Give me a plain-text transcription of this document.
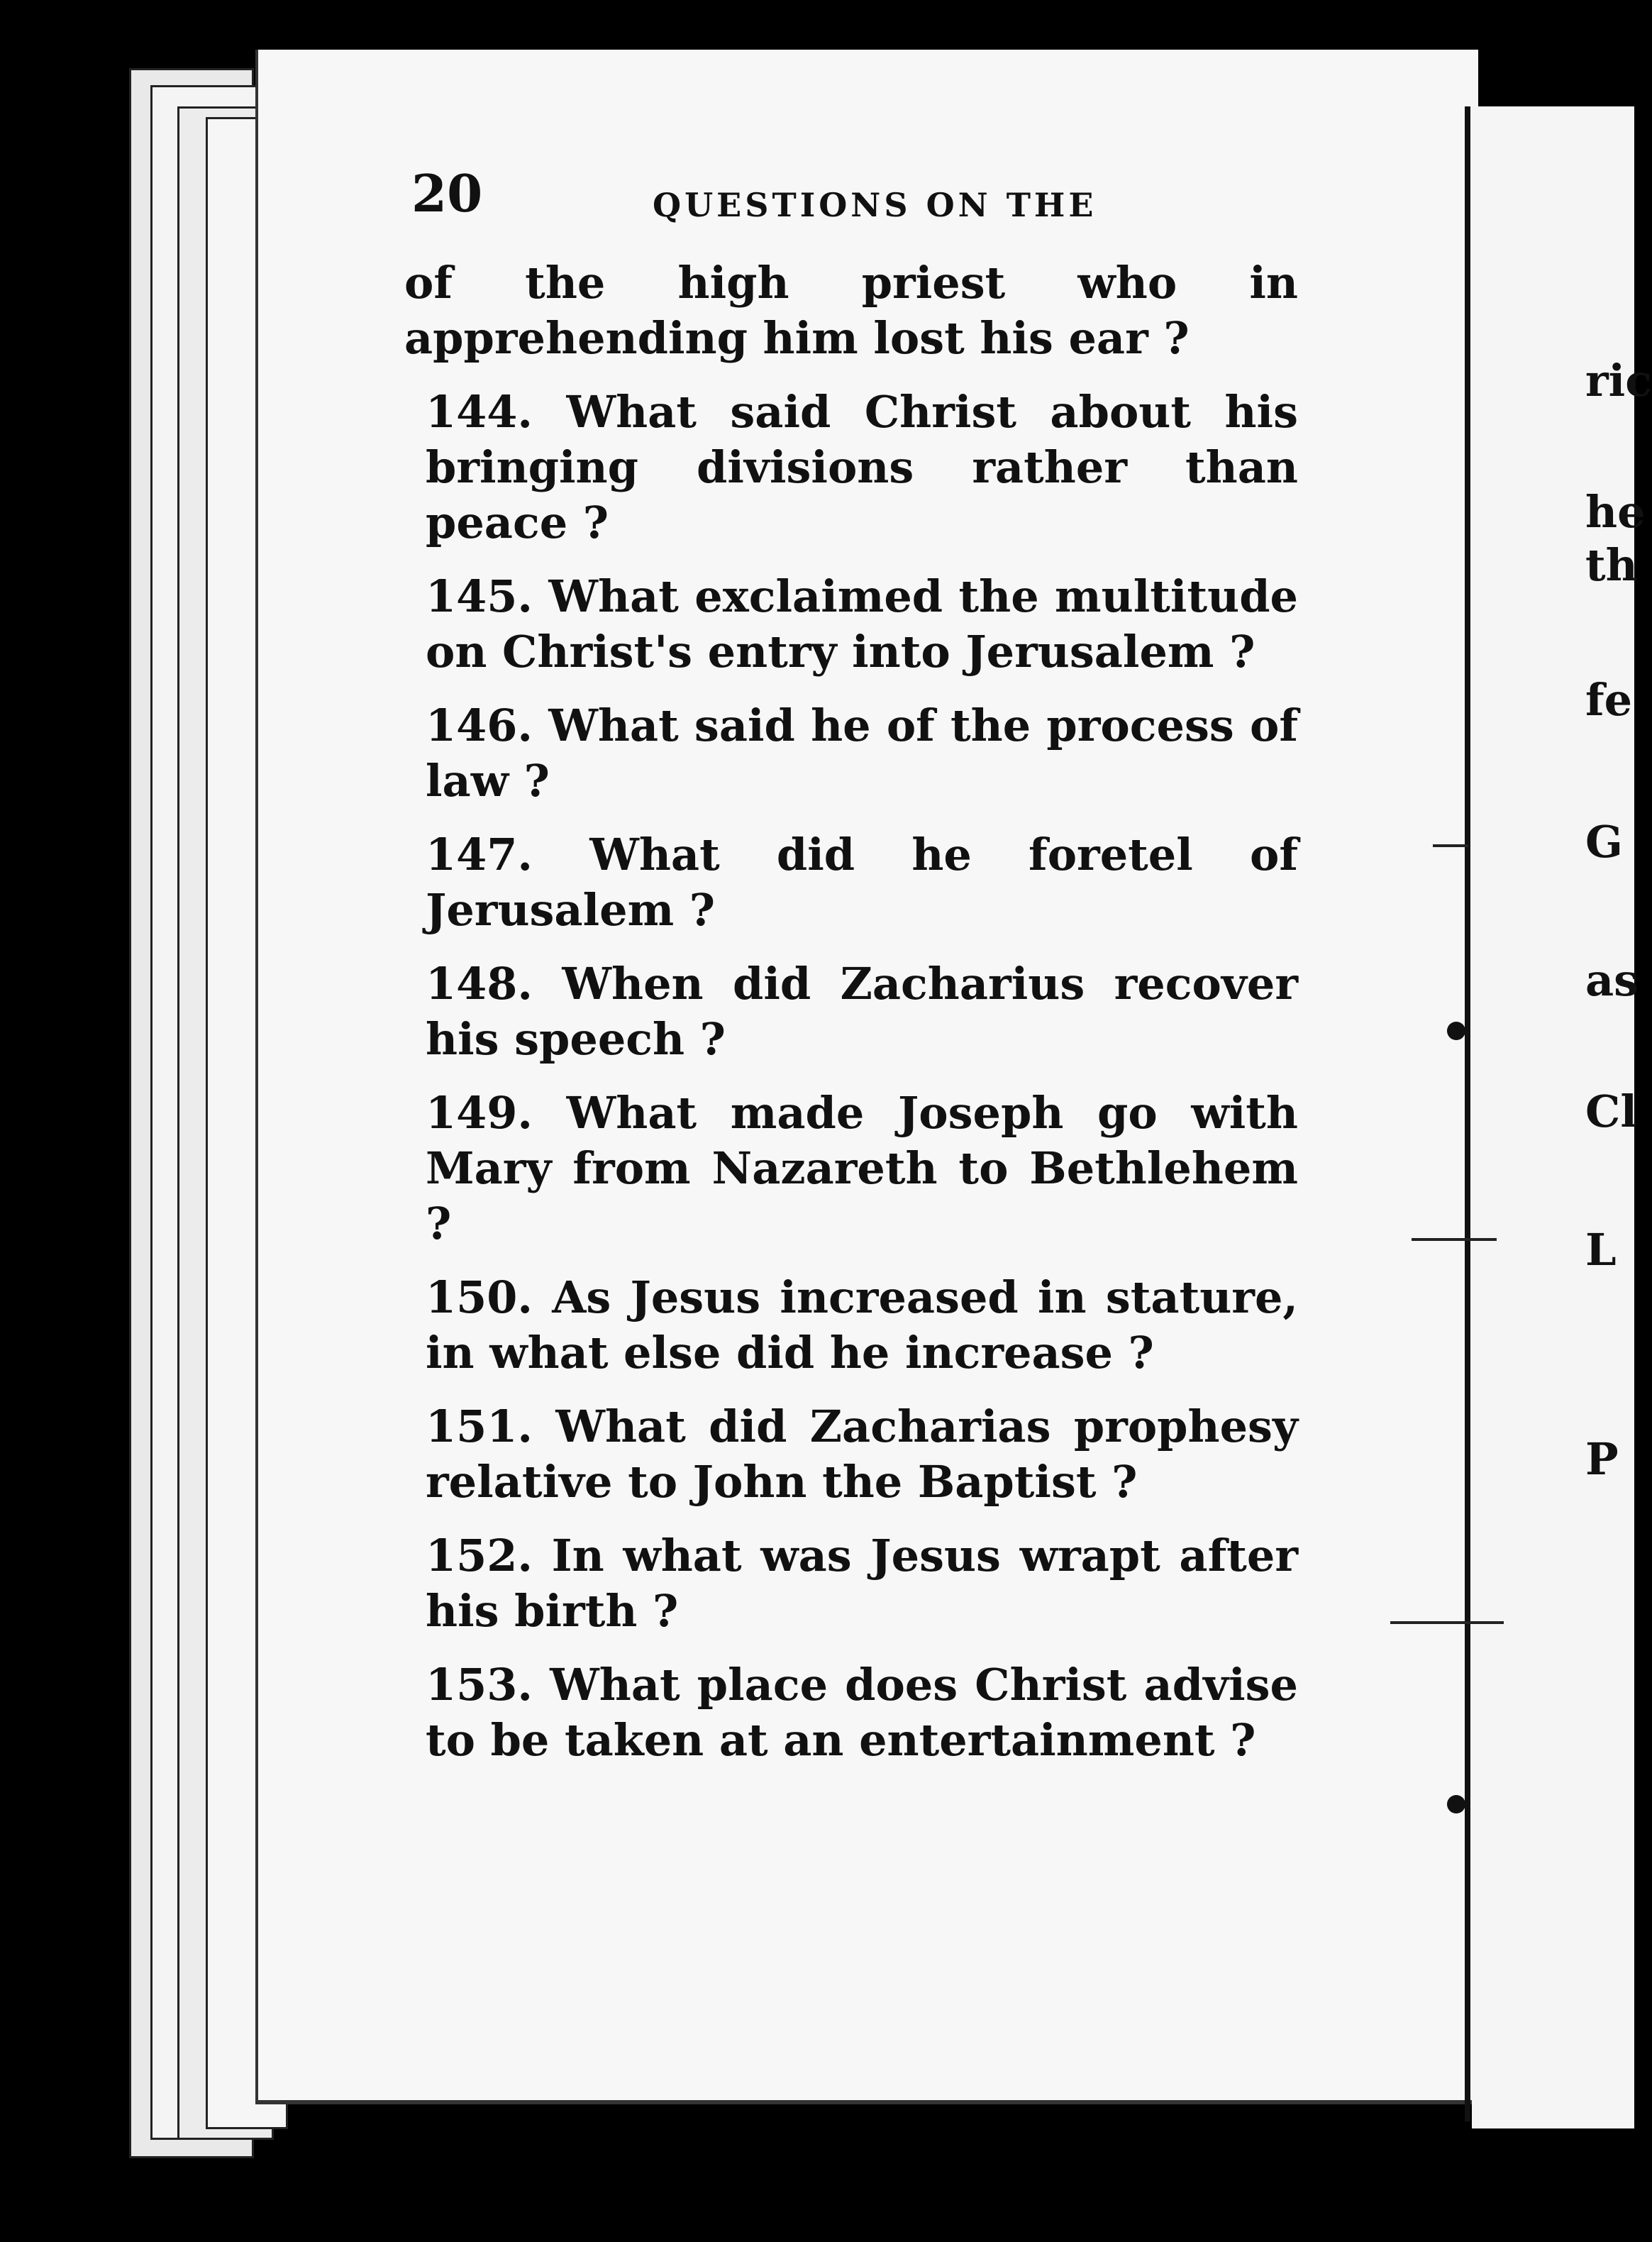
20	QUESTIONS ON THE

of the high priest who in apprehending him lost his ear ?

144. What said Christ about his bringing divisions rather than peace ?

145. What exclaimed the multitude on Christ's entry into Jerusalem ?

146. What said he of the process of law ?

147. What did he foretel of Jerusalem ?

148. When did Zacharius recover his speech ?

149. What made Joseph go with Mary from Nazareth to Bethlehem ?

150. As Jesus increased in stature, in what else did he increase ?

151. What did Zacharias prophesy relative to John the Baptist ?

152. In what was Jesus wrapt after his birth ?

153. What place does Christ advise to be taken at an entertainment ?

ric
he
th
fe
G
as
Cl
L
P
